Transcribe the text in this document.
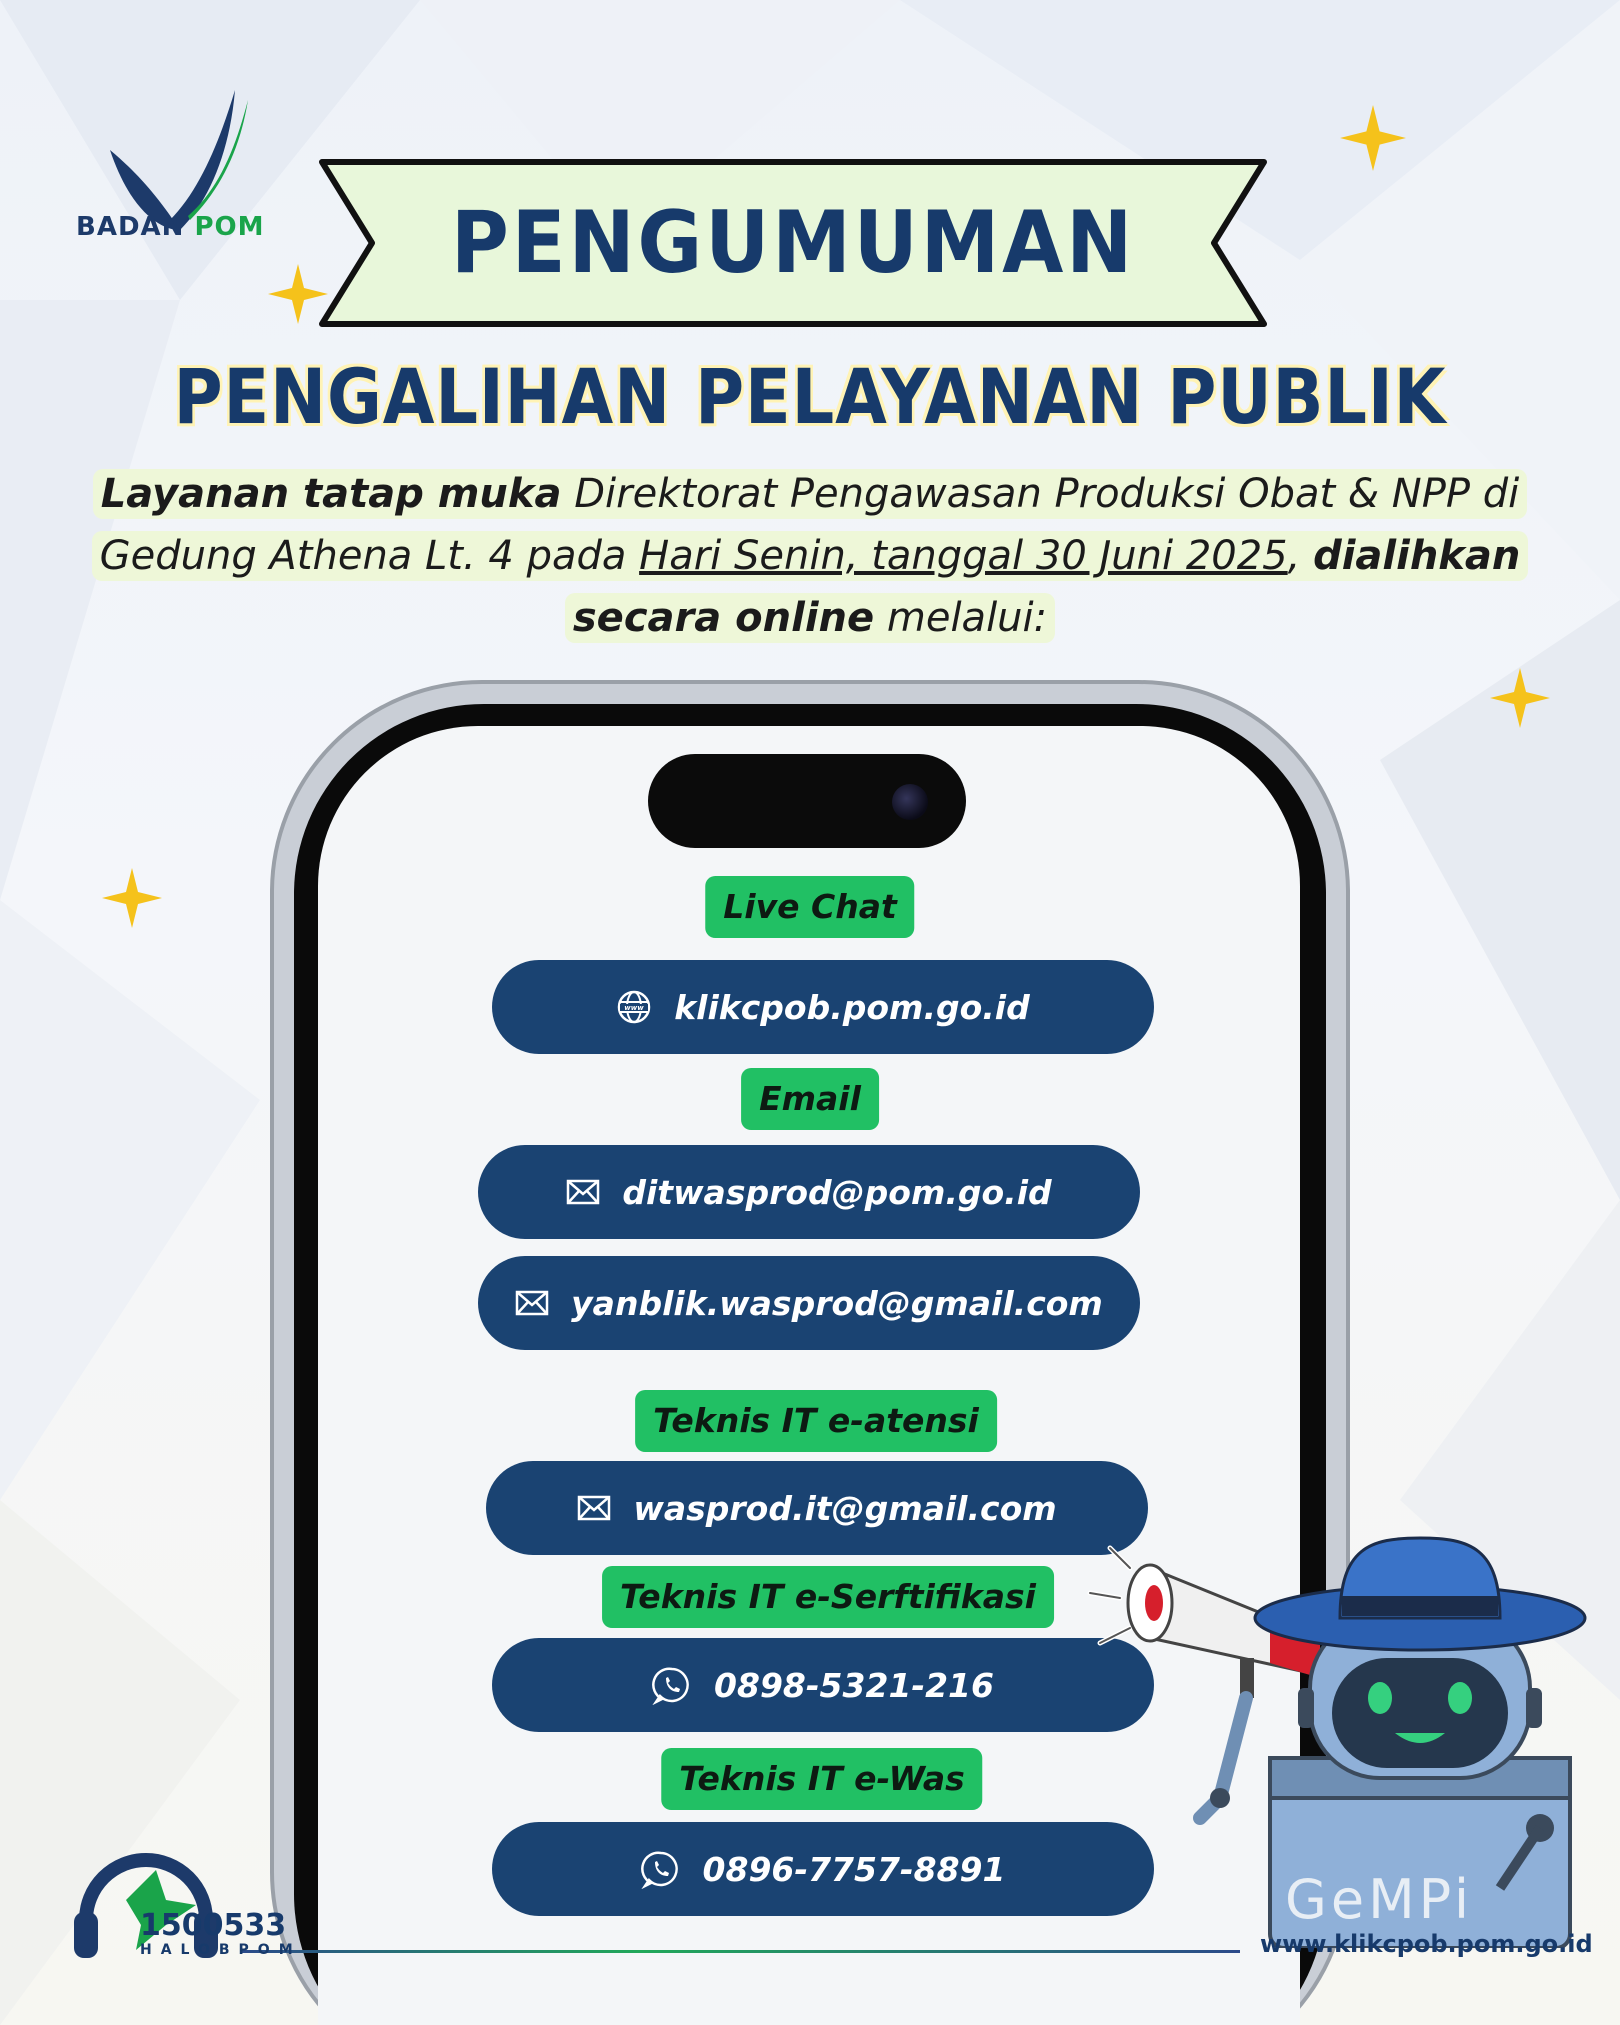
BADAN POM	PENGUMUMAN
PENGALIHAN PELAYANAN PUBLIK
Layanan tatap muka Direktorat Pengawasan Produksi Obat & NPP di Gedung Athena Lt. 4 pada Hari Senin, tanggal 30 Juni 2025, dialihkan secara online melalui:
Live Chat
www klikcpob.pom.go.id
Email
ditwasprod@pom.go.id
yanblik.wasprod@gmail.com
Teknis IT e-atensi
wasprod.it@gmail.com
Teknis IT e-Serftifikasi
0898-5321-216
Teknis IT e-Was
0896-7757-8891	GeMPi
1500533
HALOBPOM	www.klikcpob.pom.go.id
